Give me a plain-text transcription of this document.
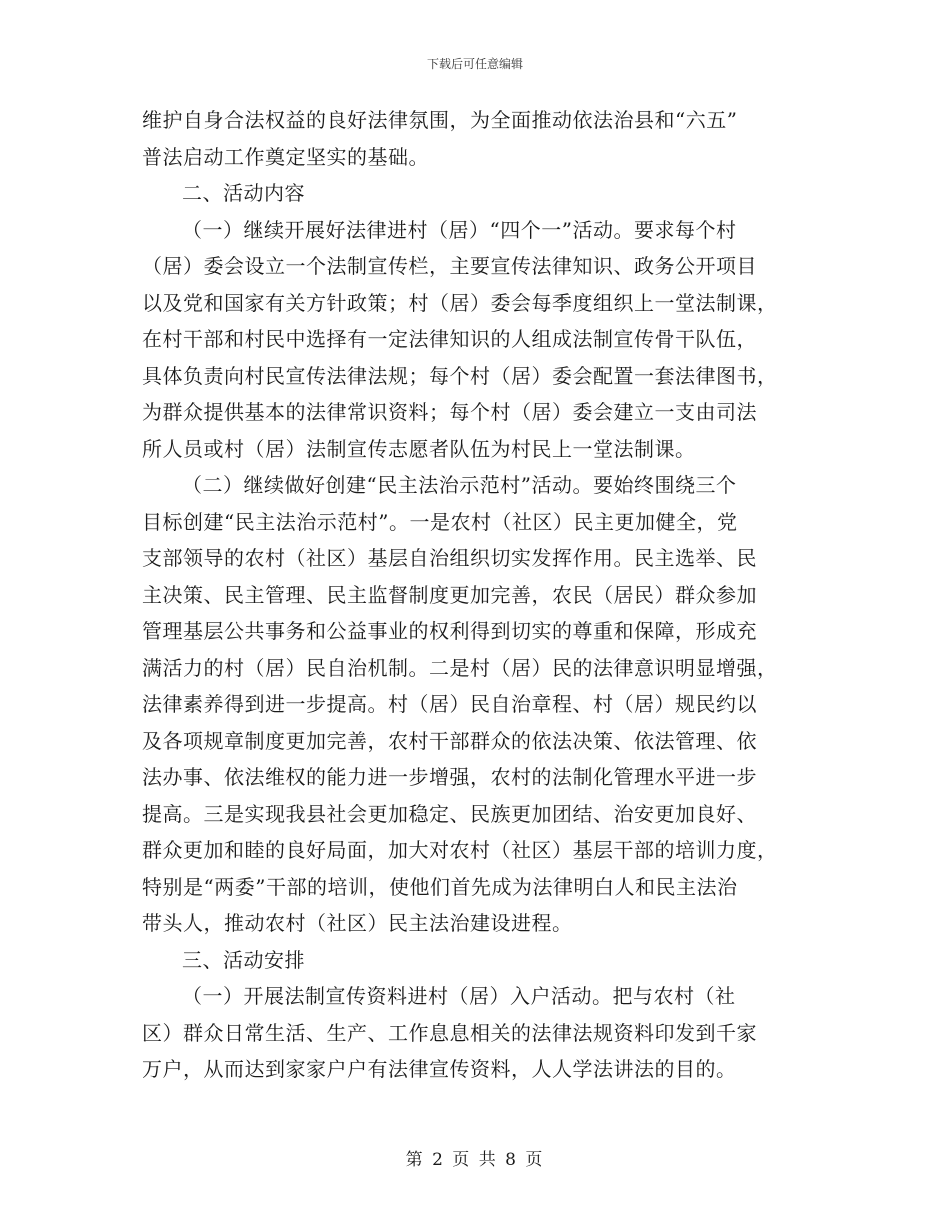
下载后可任意编辑
维护自身合法权益的良好法律氛围，为全面推动依法治县和“六五”
普法启动工作奠定坚实的基础。
二、活动内容
（一）继续开展好法律进村（居）“四个一”活动。要求每个村
（居）委会设立一个法制宣传栏，主要宣传法律知识、政务公开项目
以及党和国家有关方针政策；村（居）委会每季度组织上一堂法制课，
在村干部和村民中选择有一定法律知识的人组成法制宣传骨干队伍，
具体负责向村民宣传法律法规；每个村（居）委会配置一套法律图书，
为群众提供基本的法律常识资料；每个村（居）委会建立一支由司法
所人员或村（居）法制宣传志愿者队伍为村民上一堂法制课。
（二）继续做好创建“民主法治示范村”活动。要始终围绕三个
目标创建“民主法治示范村”。一是农村（社区）民主更加健全，党
支部领导的农村（社区）基层自治组织切实发挥作用。民主选举、民
主决策、民主管理、民主监督制度更加完善，农民（居民）群众参加
管理基层公共事务和公益事业的权利得到切实的尊重和保障，形成充
满活力的村（居）民自治机制。二是村（居）民的法律意识明显增强，
法律素养得到进一步提高。村（居）民自治章程、村（居）规民约以
及各项规章制度更加完善，农村干部群众的依法决策、依法管理、依
法办事、依法维权的能力进一步增强，农村的法制化管理水平进一步
提高。三是实现我县社会更加稳定、民族更加团结、治安更加良好、
群众更加和睦的良好局面，加大对农村（社区）基层干部的培训力度，
特别是“两委”干部的培训，使他们首先成为法律明白人和民主法治
带头人，推动农村（社区）民主法治建设进程。
三、活动安排
（一）开展法制宣传资料进村（居）入户活动。把与农村（社
区）群众日常生活、生产、工作息息相关的法律法规资料印发到千家
万户，从而达到家家户户有法律宣传资料，人人学法讲法的目的。
第 2 页 共 8 页
